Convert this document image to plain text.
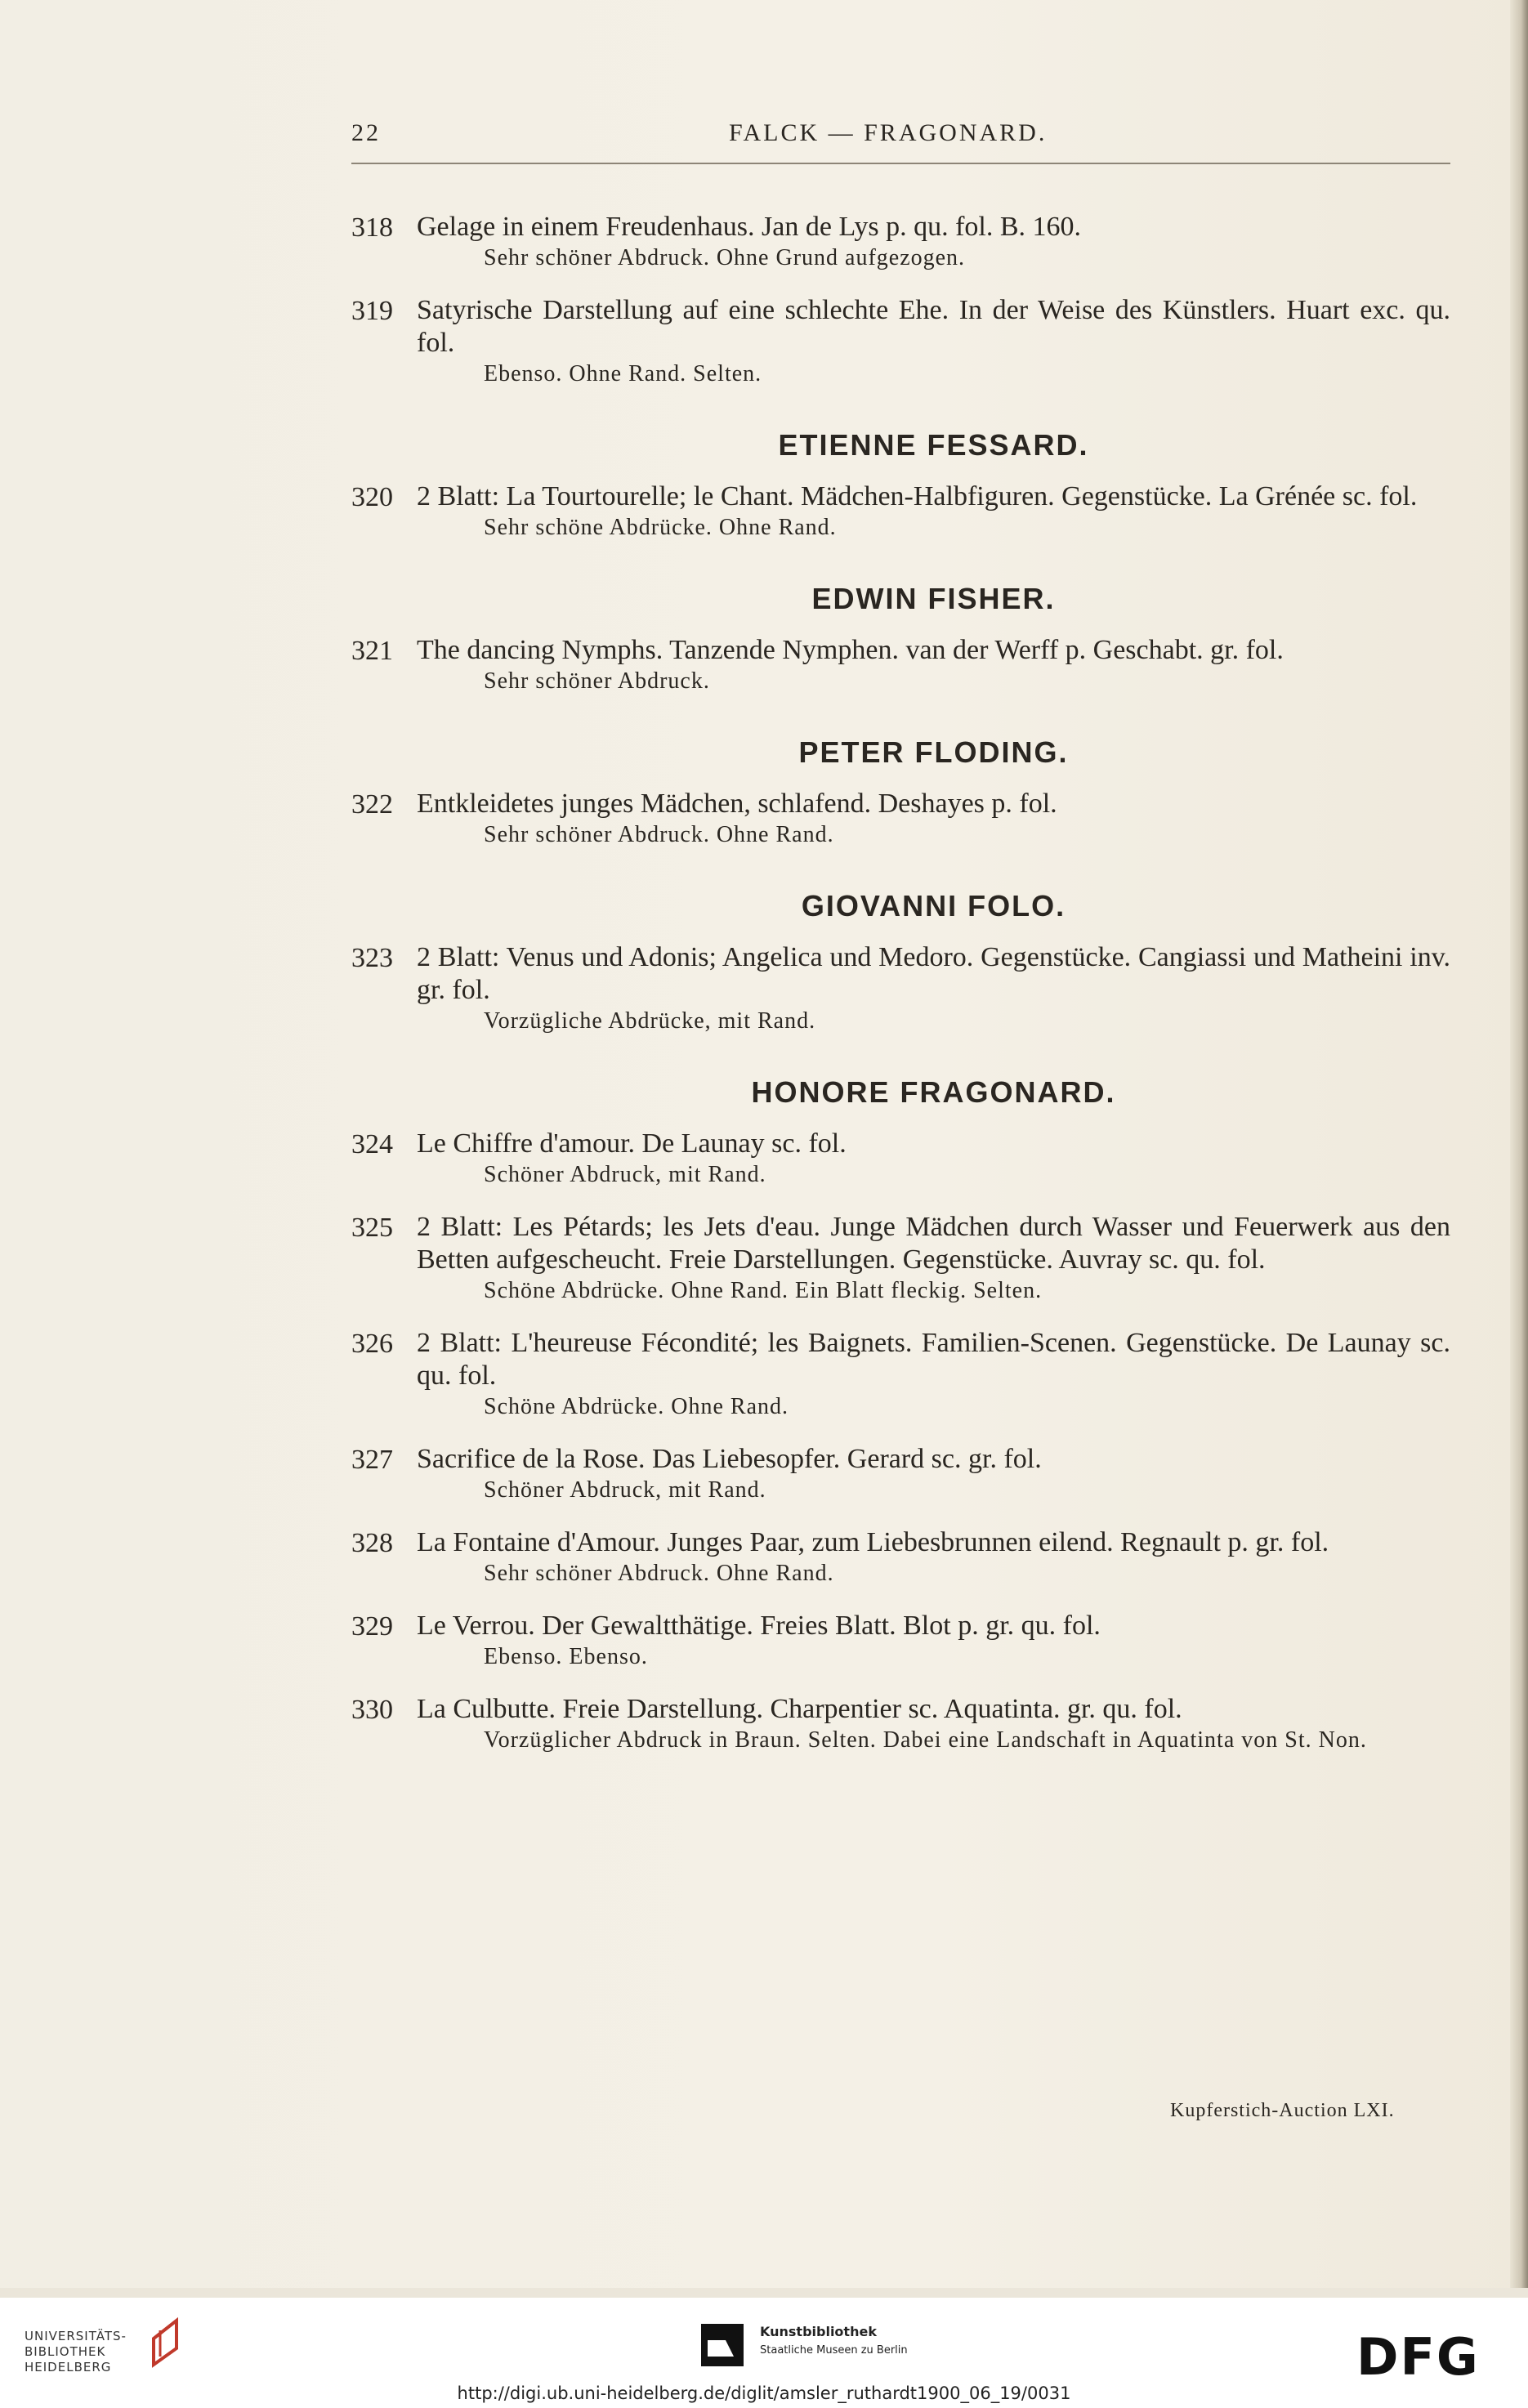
22	FALCK — FRAGONARD.
318 Gelage in einem Freudenhaus. Jan de Lys p. qu. fol. B. 160.
Sehr schöner Abdruck. Ohne Grund aufgezogen.
319 Satyrische Darstellung auf eine schlechte Ehe. In der Weise des Künstlers. Huart exc. qu. fol.
Ebenso. Ohne Rand. Selten.
ETIENNE FESSARD.
320 2 Blatt: La Tourtourelle; le Chant. Mädchen-Halbfiguren. Gegenstücke. La Grénée sc. fol.
Sehr schöne Abdrücke. Ohne Rand.
EDWIN FISHER.
321 The dancing Nymphs. Tanzende Nymphen. van der Werff p. Geschabt. gr. fol.
Sehr schöner Abdruck.
PETER FLODING.
322 Entkleidetes junges Mädchen, schlafend. Deshayes p. fol.
Sehr schöner Abdruck. Ohne Rand.
GIOVANNI FOLO.
323 2 Blatt: Venus und Adonis; Angelica und Medoro. Gegenstücke. Cangiassi und Matheini inv. gr. fol.
Vorzügliche Abdrücke, mit Rand.
HONORE FRAGONARD.
324 Le Chiffre d'amour. De Launay sc. fol.
Schöner Abdruck, mit Rand.
325 2 Blatt: Les Pétards; les Jets d'eau. Junge Mädchen durch Wasser und Feuerwerk aus den Betten aufgescheucht. Freie Darstellungen. Gegenstücke. Auvray sc. qu. fol.
Schöne Abdrücke. Ohne Rand. Ein Blatt fleckig. Selten.
326 2 Blatt: L'heureuse Fécondité; les Baignets. Familien-Scenen. Gegenstücke. De Launay sc. qu. fol.
Schöne Abdrücke. Ohne Rand.
327 Sacrifice de la Rose. Das Liebesopfer. Gerard sc. gr. fol.
Schöner Abdruck, mit Rand.
328 La Fontaine d'Amour. Junges Paar, zum Liebesbrunnen eilend. Regnault p. gr. fol.
Sehr schöner Abdruck. Ohne Rand.
329 Le Verrou. Der Gewaltthätige. Freies Blatt. Blot p. gr. qu. fol.
Ebenso. Ebenso.
330 La Culbutte. Freie Darstellung. Charpentier sc. Aquatinta. gr. qu. fol.
Vorzüglicher Abdruck in Braun. Selten. Dabei eine Landschaft in Aquatinta von St. Non.
Kupferstich-Auction LXI.
UNIVERSITÄTS-
BIBLIOTHEK
HEIDELBERG
Kunstbibliothek
Staatliche Museen zu Berlin	DFG
http://digi.ub.uni-heidelberg.de/diglit/amsler_ruthardt1900_06_19/0031
